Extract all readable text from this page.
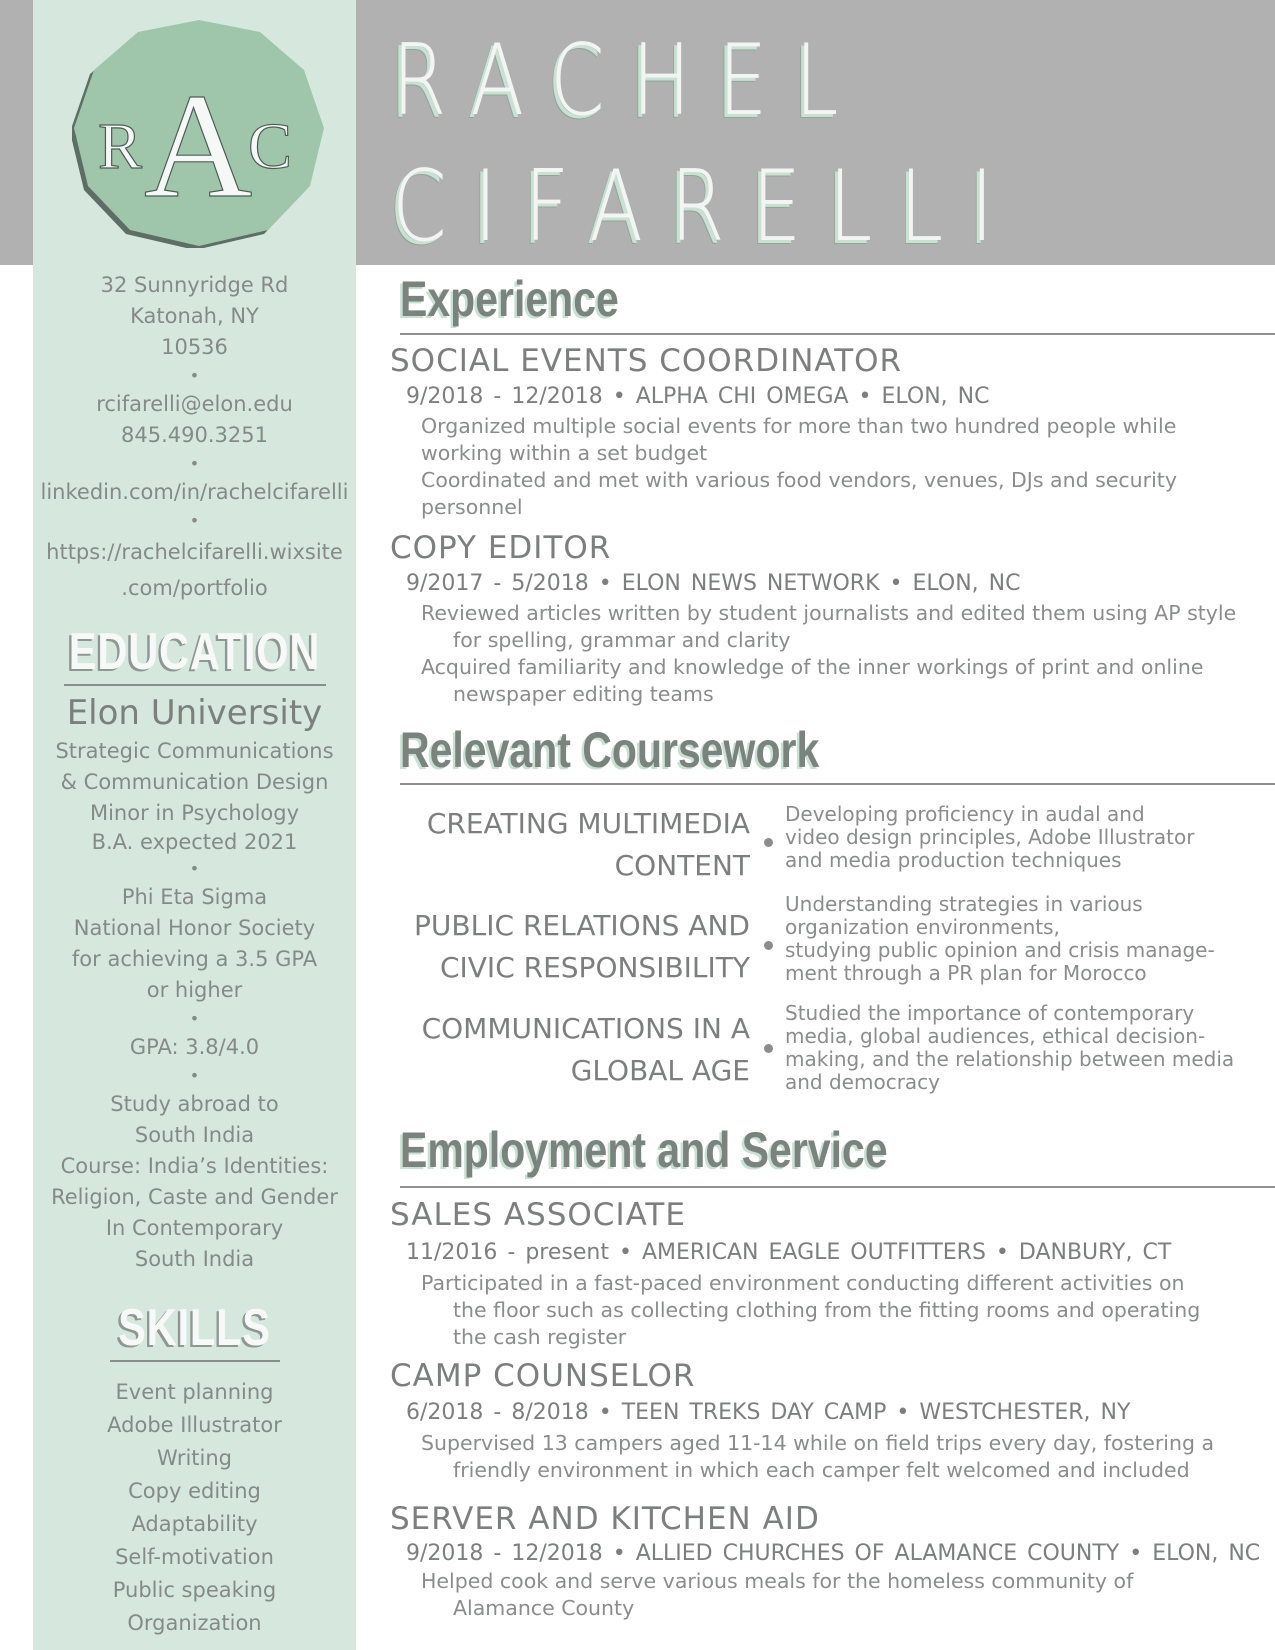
R A
C
RACHEL
CIFARELLI
32 Sunnyridge Rd
Katonah, NY
10536
•
rcifarelli@elon.edu
845.490.3251
•
linkedin.com/in/rachelcifarelli
•
https://rachelcifarelli.wixsite
.com/portfolio
EDUCATION
Elon University
Strategic Communications
& Communication Design
Minor in Psychology
B.A. expected 2021
•
Phi Eta Sigma
National Honor Society
for achieving a 3.5 GPA
or higher
•
GPA: 3.8/4.0
•
Study abroad to
South India
Course: India’s Identities:
Religion, Caste and Gender
In Contemporary
South India
SKILLS
Event planning
Adobe Illustrator
Writing
Copy editing
Adaptability
Self-motivation
Public speaking
Organization
Experience
SOCIAL EVENTS COORDINATOR
9/2018 - 12/2018 • ALPHA CHI OMEGA • ELON, NC
Organized multiple social events for more than two hundred people while
working within a set budget
Coordinated and met with various food vendors, venues, DJs and security
personnel
COPY EDITOR
9/2017 - 5/2018 • ELON NEWS NETWORK • ELON, NC
Reviewed articles written by student journalists and edited them using AP style
for spelling, grammar and clarity
Acquired familiarity and knowledge of the inner workings of print and online
newspaper editing teams
Relevant Coursework
CREATING MULTIMEDIA
CONTENT
Developing proficiency in audal and
video design principles, Adobe Illustrator
and media production techniques
PUBLIC RELATIONS AND
CIVIC RESPONSIBILITY
Understanding strategies in various
organization environments,
studying public opinion and crisis manage-
ment through a PR plan for Morocco
COMMUNICATIONS IN A
GLOBAL AGE
Studied the importance of contemporary
media, global audiences, ethical decision-
making, and the relationship between media
and democracy
Employment and Service
SALES ASSOCIATE
11/2016 - present • AMERICAN EAGLE OUTFITTERS • DANBURY, CT
Participated in a fast-paced environment conducting different activities on
the floor such as collecting clothing from the fitting rooms and operating
the cash register
CAMP COUNSELOR
6/2018 - 8/2018 • TEEN TREKS DAY CAMP • WESTCHESTER, NY
Supervised 13 campers aged 11-14 while on field trips every day, fostering a
friendly environment in which each camper felt welcomed and included
SERVER AND KITCHEN AID
9/2018 - 12/2018 • ALLIED CHURCHES OF ALAMANCE COUNTY • ELON, NC
Helped cook and serve various meals for the homeless community of
Alamance County
